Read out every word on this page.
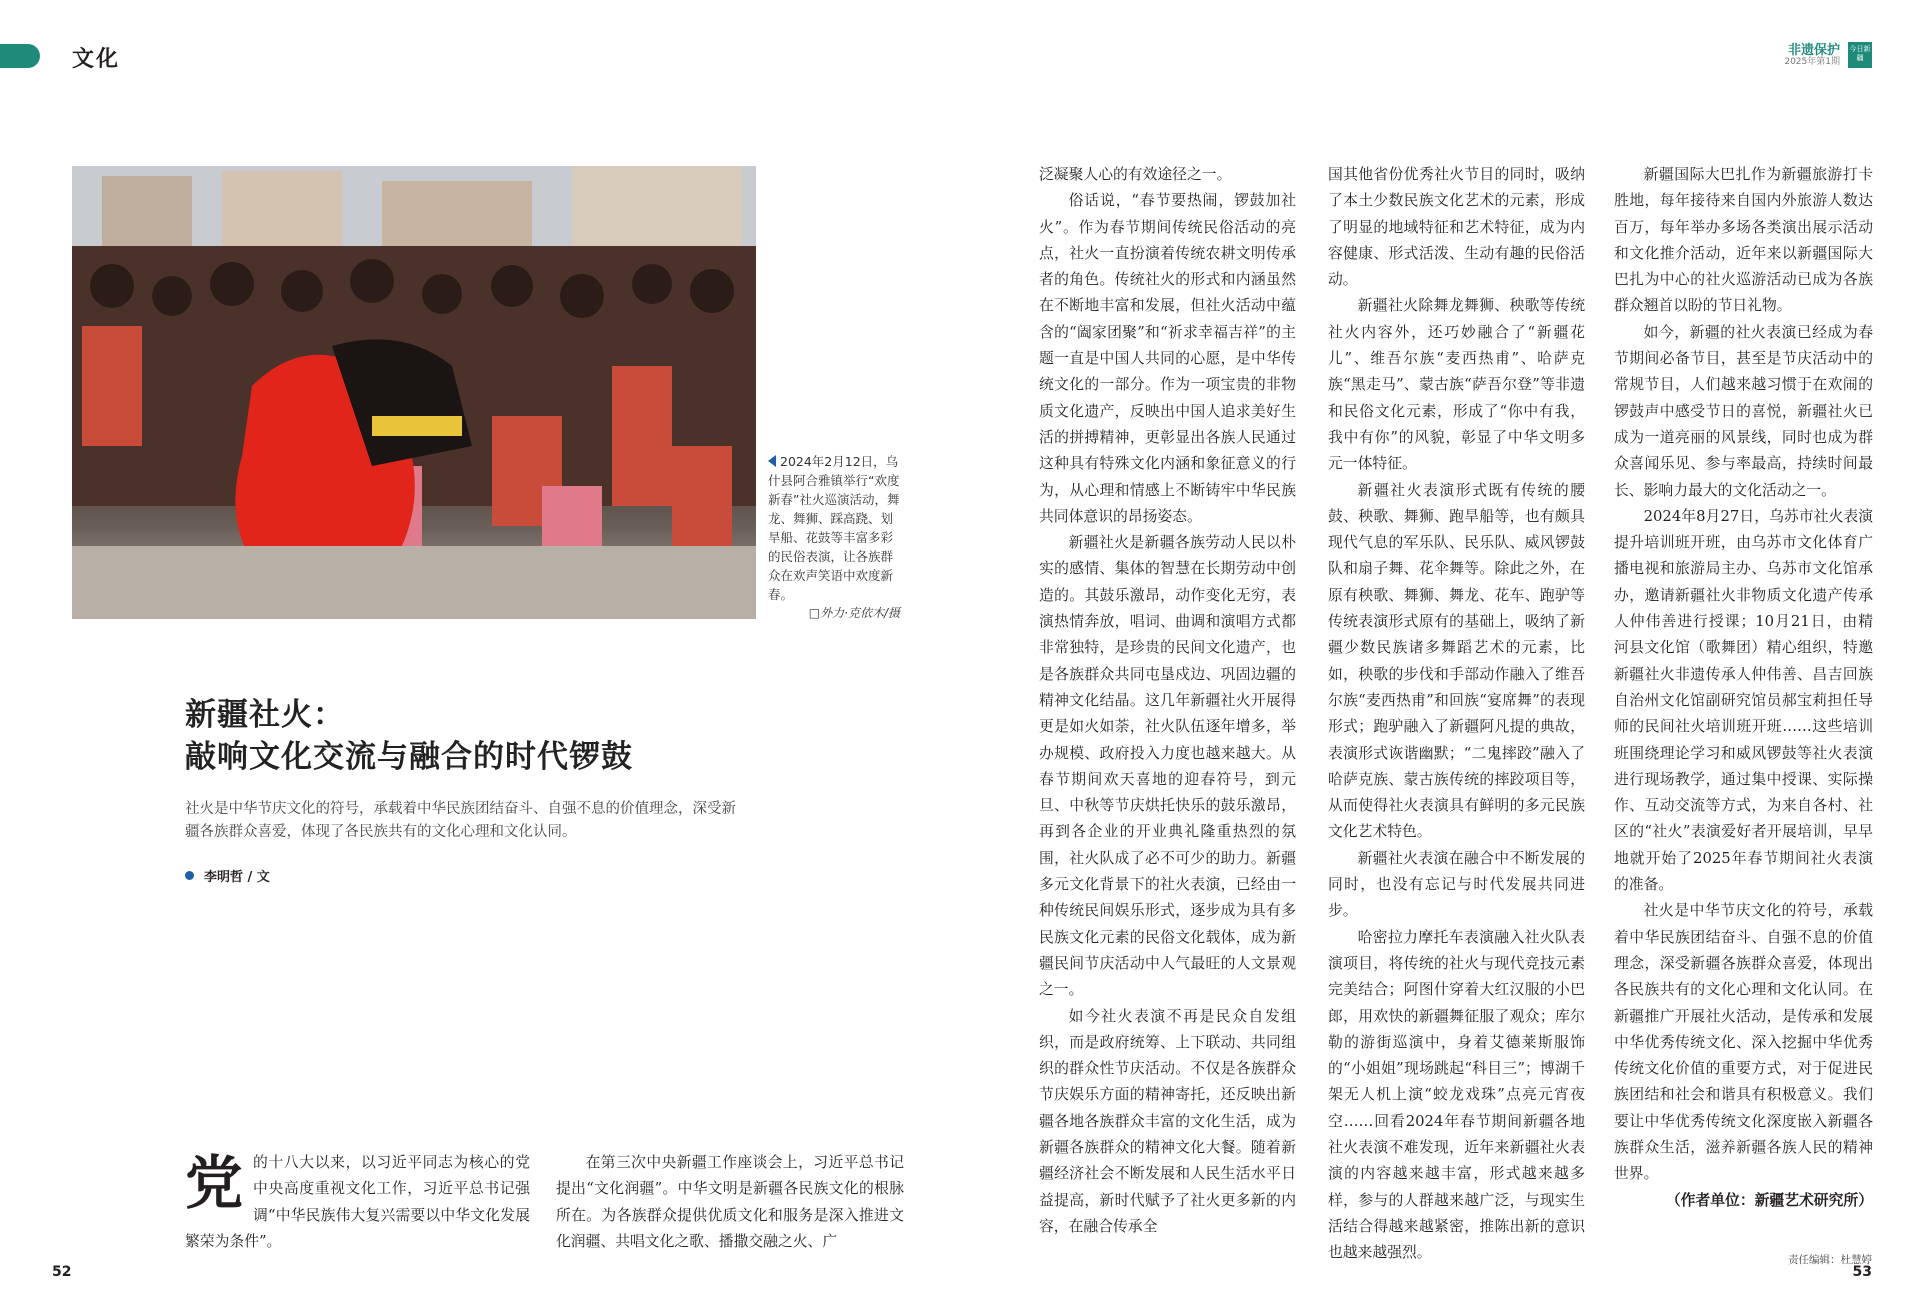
文化	非遗保护
2025年第1期
今日新疆
2024年2月12日，乌什县阿合雅镇举行“欢度新春”社火巡演活动，舞龙、舞狮、踩高跷、划旱船、花鼓等丰富多彩的民俗表演，让各族群众在欢声笑语中欢度新春。
□外力·克依木/摄
新疆社火：
敲响文化交流与融合的时代锣鼓
社火是中华节庆文化的符号，承载着中华民族团结奋斗、自强不息的价值理念，深受新疆各族群众喜爱，体现了各民族共有的文化心理和文化认同。
李明哲 / 文
党 的十八大以来，以习近平同志为核心的党中央高度重视文化工作，习近平总书记强调“中华民族伟大复兴需要以中华文化发展繁荣为条件”。

在第三次中央新疆工作座谈会上，习近平总书记提出“文化润疆”。中华文明是新疆各民族文化的根脉所在。为各族群众提供优质文化和服务是深入推进文化润疆、共唱文化之歌、播撒交融之火、广

泛凝聚人心的有效途径之一。

俗话说，“春节要热闹，锣鼓加社火”。作为春节期间传统民俗活动的亮点，社火一直扮演着传统农耕文明传承者的角色。传统社火的形式和内涵虽然在不断地丰富和发展，但社火活动中蕴含的“阖家团聚”和“祈求幸福吉祥”的主题一直是中国人共同的心愿，是中华传统文化的一部分。作为一项宝贵的非物质文化遗产，反映出中国人追求美好生活的拼搏精神，更彰显出各族人民通过这种具有特殊文化内涵和象征意义的行为，从心理和情感上不断铸牢中华民族共同体意识的昂扬姿态。

新疆社火是新疆各族劳动人民以朴实的感情、集体的智慧在长期劳动中创造的。其鼓乐激昂，动作变化无穷，表演热情奔放，唱词、曲调和演唱方式都非常独特，是珍贵的民间文化遗产，也是各族群众共同屯垦戍边、巩固边疆的精神文化结晶。这几年新疆社火开展得更是如火如荼，社火队伍逐年增多，举办规模、政府投入力度也越来越大。从春节期间欢天喜地的迎春符号，到元旦、中秋等节庆烘托快乐的鼓乐激昂，再到各企业的开业典礼隆重热烈的氛围，社火队成了必不可少的助力。新疆多元文化背景下的社火表演，已经由一种传统民间娱乐形式，逐步成为具有多民族文化元素的民俗文化载体，成为新疆民间节庆活动中人气最旺的人文景观之一。

如今社火表演不再是民众自发组织，而是政府统筹、上下联动、共同组织的群众性节庆活动。不仅是各族群众节庆娱乐方面的精神寄托，还反映出新疆各地各族群众丰富的文化生活，成为新疆各族群众的精神文化大餐。随着新疆经济社会不断发展和人民生活水平日益提高，新时代赋予了社火更多新的内容，在融合传承全

国其他省份优秀社火节目的同时，吸纳了本土少数民族文化艺术的元素，形成了明显的地域特征和艺术特征，成为内容健康、形式活泼、生动有趣的民俗活动。

新疆社火除舞龙舞狮、秧歌等传统社火内容外，还巧妙融合了“新疆花儿”、维吾尔族“麦西热甫”、哈萨克族“黑走马”、蒙古族“萨吾尔登”等非遗和民俗文化元素，形成了“你中有我，我中有你”的风貌，彰显了中华文明多元一体特征。

新疆社火表演形式既有传统的腰鼓、秧歌、舞狮、跑旱船等，也有颇具现代气息的军乐队、民乐队、威风锣鼓队和扇子舞、花伞舞等。除此之外，在原有秧歌、舞狮、舞龙、花车、跑驴等传统表演形式原有的基础上，吸纳了新疆少数民族诸多舞蹈艺术的元素，比如，秧歌的步伐和手部动作融入了维吾尔族“麦西热甫”和回族“宴席舞”的表现形式；跑驴融入了新疆阿凡提的典故，表演形式诙谐幽默；“二鬼摔跤”融入了哈萨克族、蒙古族传统的摔跤项目等，从而使得社火表演具有鲜明的多元民族文化艺术特色。

新疆社火表演在融合中不断发展的同时，也没有忘记与时代发展共同进步。

哈密拉力摩托车表演融入社火队表演项目，将传统的社火与现代竞技元素完美结合；阿图什穿着大红汉服的小巴郎，用欢快的新疆舞征服了观众；库尔勒的游街巡演中，身着艾德莱斯服饰的“小姐姐”现场跳起“科目三”；博湖千架无人机上演“蛟龙戏珠”点亮元宵夜空……回看2024年春节期间新疆各地社火表演不难发现，近年来新疆社火表演的内容越来越丰富，形式越来越多样，参与的人群越来越广泛，与现实生活结合得越来越紧密，推陈出新的意识也越来越强烈。

新疆国际大巴扎作为新疆旅游打卡胜地，每年接待来自国内外旅游人数达百万，每年举办多场各类演出展示活动和文化推介活动，近年来以新疆国际大巴扎为中心的社火巡游活动已成为各族群众翘首以盼的节日礼物。

如今，新疆的社火表演已经成为春节期间必备节目，甚至是节庆活动中的常规节目，人们越来越习惯于在欢闹的锣鼓声中感受节日的喜悦，新疆社火已成为一道亮丽的风景线，同时也成为群众喜闻乐见、参与率最高，持续时间最长、影响力最大的文化活动之一。

2024年8月27日，乌苏市社火表演提升培训班开班，由乌苏市文化体育广播电视和旅游局主办、乌苏市文化馆承办，邀请新疆社火非物质文化遗产传承人仲伟善进行授课；10月21日，由精河县文化馆（歌舞团）精心组织，特邀新疆社火非遗传承人仲伟善、昌吉回族自治州文化馆副研究馆员郝宝莉担任导师的民间社火培训班开班……这些培训班围绕理论学习和威风锣鼓等社火表演进行现场教学，通过集中授课、实际操作、互动交流等方式，为来自各村、社区的“社火”表演爱好者开展培训，早早地就开始了2025年春节期间社火表演的准备。

社火是中华节庆文化的符号，承载着中华民族团结奋斗、自强不息的价值理念，深受新疆各族群众喜爱，体现出各民族共有的文化心理和文化认同。在新疆推广开展社火活动，是传承和发展中华优秀传统文化、深入挖掘中华优秀传统文化价值的重要方式，对于促进民族团结和社会和谐具有积极意义。我们要让中华优秀传统文化深度嵌入新疆各族群众生活，滋养新疆各族人民的精神世界。

（作者单位：新疆艺术研究所）

责任编辑：杜慧婷
52	53
